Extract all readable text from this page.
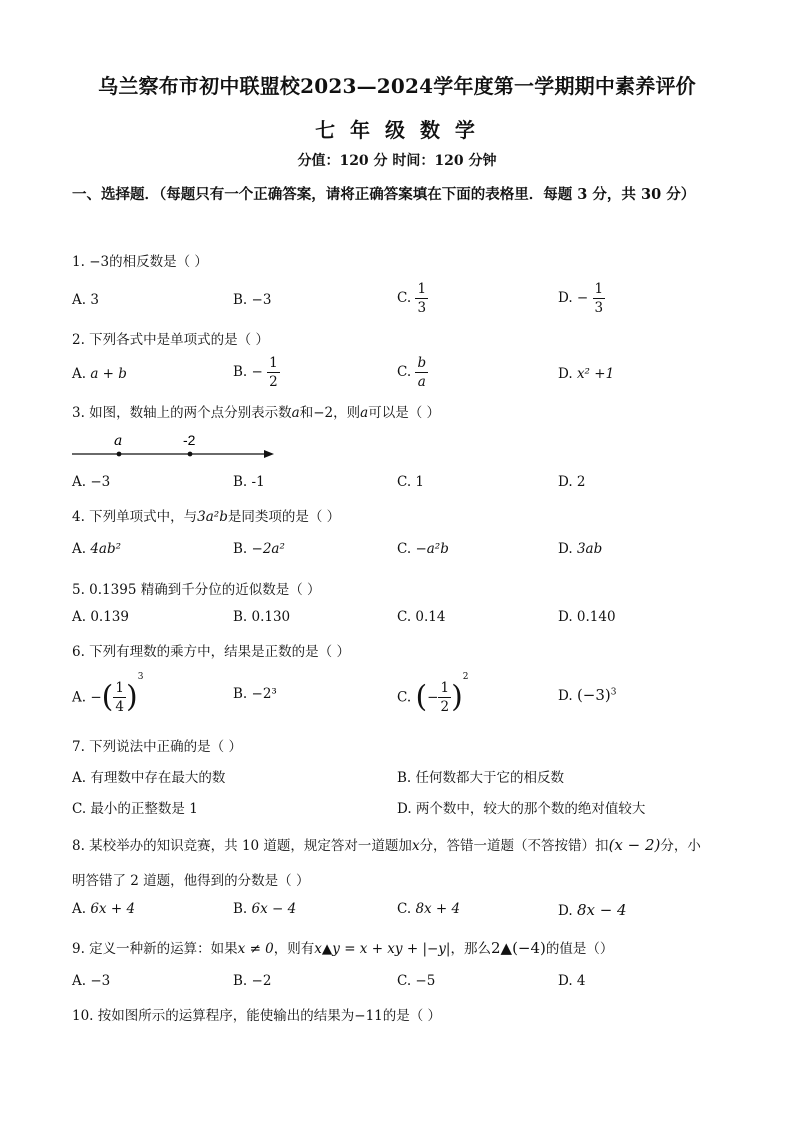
乌兰察布市初中联盟校2023—2024学年度第一学期期中素养评价
七 年 级 数 学
分值：120 分 时间：120 分钟
一、选择题．（每题只有一个正确答案，请将正确答案填在下面的表格里．每题 3 分，共 30 分）
1. −3的相反数是（ ）
A. 3	B. −3	C. $\frac{1}{3}$	D. − $\frac{1}{3}$
2. 下列各式中是单项式的是（ ）
A. a + b	B. − $\frac{1}{2}$	C. $\frac{b}{a}$	D. x² +1
3. 如图，数轴上的两个点分别表示数a和−2，则a可以是（ ）
a	-2
A. −3	B. -1	C. 1	D. 2
4. 下列单项式中，与3a²b是同类项的是（ ）
A. 4ab²	B. −2a²	C. −a²b	D. 3ab
5. 0.1395 精确到千分位的近似数是（ ）
A. 0.139	B. 0.130	C. 0.14	D. 0.140
6. 下列有理数的乘方中，结果是正数的是（ ）
A. −( $\frac{1}{4} )^3$
B. −2³	C. (− $\frac{1}{2} )^2$
D. $(-3)^3$
7. 下列说法中正确的是（ ）
A. 有理数中存在最大的数	B. 任何数都大于它的相反数
C. 最小的正整数是 1	D. 两个数中，较大的那个数的绝对值较大
8. 某校举办的知识竞赛，共 10 道题，规定答对一道题加x分，答错一道题（不答按错）扣(x − 2)分，小
明答错了 2 道题，他得到的分数是（ ）
A. 6x + 4	B. 6x − 4	C. 8x + 4	D. 8x − 4
9. 定义一种新的运算：如果x ≠ 0，则有x▲y = x + xy + |−y|，那么2▲(−4)的值是（）
A. −3	B. −2	C. −5	D. 4
10. 按如图所示的运算程序，能使输出的结果为−11的是（ ）
